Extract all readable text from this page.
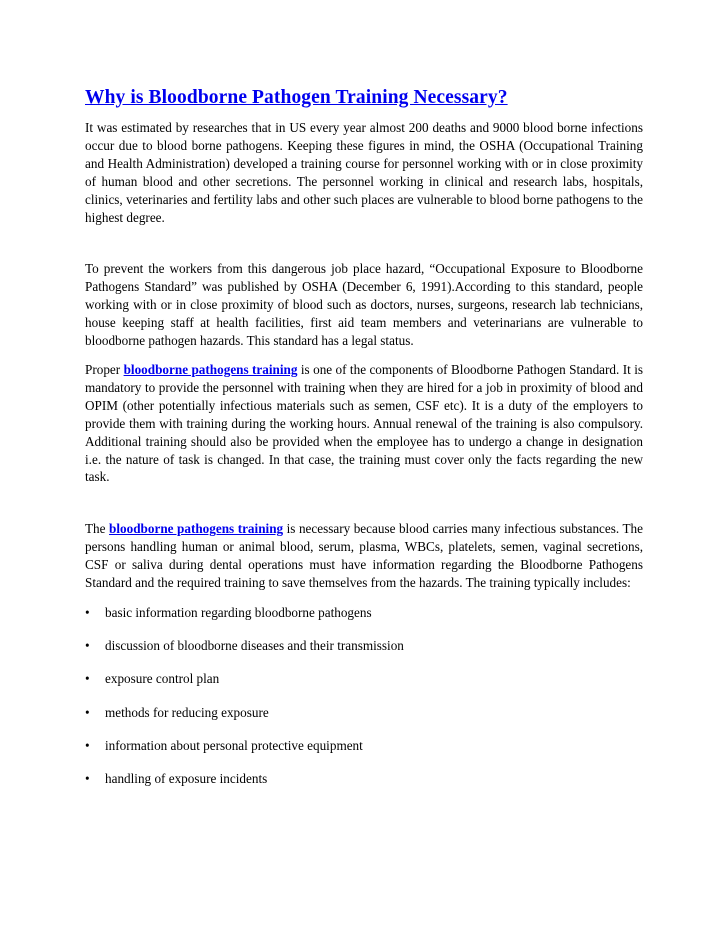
Why is Bloodborne Pathogen Training Necessary?

It was estimated by researches that in US every year almost 200 deaths and 9000 blood borne infections occur due to blood borne pathogens. Keeping these figures in mind, the OSHA (Occupational Training and Health Administration) developed a training course for personnel working with or in close proximity of human blood and other secretions. The personnel working in clinical and research labs, hospitals, clinics, veterinaries and fertility labs and other such places are vulnerable to blood borne pathogens to the highest degree.

To prevent the workers from this dangerous job place hazard, “Occupational Exposure to Bloodborne Pathogens Standard” was published by OSHA (December 6, 1991).According to this standard, people working with or in close proximity of blood such as doctors, nurses, surgeons, research lab technicians, house keeping staff at health facilities, first aid team members and veterinarians are vulnerable to bloodborne pathogen hazards. This standard has a legal status.

Proper bloodborne pathogens training is one of the components of Bloodborne Pathogen Standard. It is mandatory to provide the personnel with training when they are hired for a job in proximity of blood and OPIM (other potentially infectious materials such as semen, CSF etc). It is a duty of the employers to provide them with training during the working hours. Annual renewal of the training is also compulsory. Additional training should also be provided when the employee has to undergo a change in designation i.e. the nature of task is changed. In that case, the training must cover only the facts regarding the new task.

The bloodborne pathogens training is necessary because blood carries many infectious substances. The persons handling human or animal blood, serum, plasma, WBCs, platelets, semen, vaginal secretions, CSF or saliva during dental operations must have information regarding the Bloodborne Pathogens Standard and the required training to save themselves from the hazards. The training typically includes:

• basic information regarding bloodborne pathogens
• discussion of bloodborne diseases and their transmission
• exposure control plan
• methods for reducing exposure
• information about personal protective equipment
• handling of exposure incidents
